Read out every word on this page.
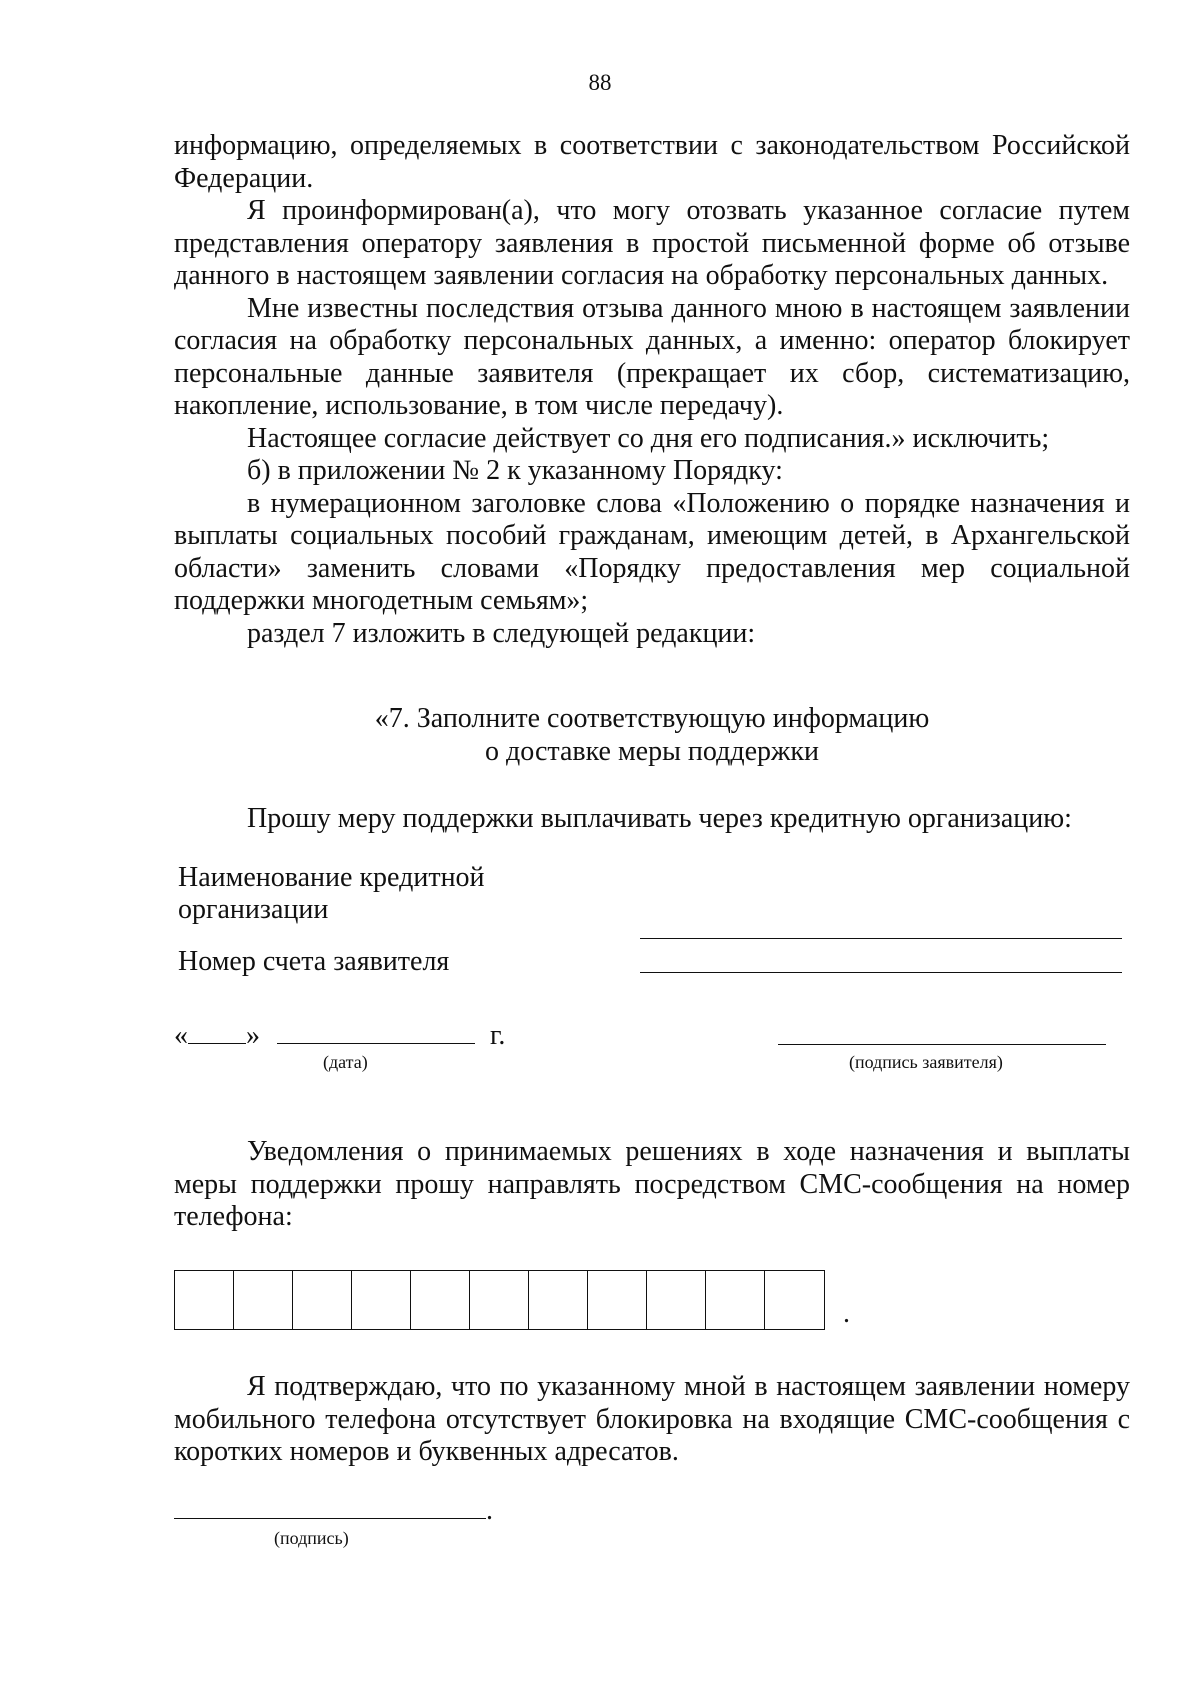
88

информацию, определяемых в соответствии с законодательством Российской Федерации.

Я проинформирован(а), что могу отозвать указанное согласие путем представления оператору заявления в простой письменной форме об отзыве данного в настоящем заявлении согласия на обработку персональных данных.

Мне известны последствия отзыва данного мною в настоящем заявлении согласия на обработку персональных данных, а именно: оператор блокирует персональные данные заявителя (прекращает их сбор, систематизацию, накопление, использование, в том числе передачу).

Настоящее согласие действует со дня его подписания.» исключить;

б) в приложении № 2 к указанному Порядку:

в нумерационном заголовке слова «Положению о порядке назначения и выплаты социальных пособий гражданам, имеющим детей, в Архангельской области» заменить словами «Порядку предоставления мер социальной поддержки многодетным семьям»;

раздел 7 изложить в следующей редакции:

«7. Заполните соответствующую информацию

о доставке меры поддержки

Прошу меру поддержки выплачивать через кредитную организацию:
Наименование кредитной
организации
Номер счета заявителя
« »	г.
(дата)	(подпись заявителя)

Уведомления о принимаемых решениях в ходе назначения и выплаты меры поддержки прошу направлять посредством СМС-сообщения на номер телефона:

.

Я подтверждаю, что по указанному мной в настоящем заявлении номеру мобильного телефона отсутствует блокировка на входящие СМС-сообщения с коротких номеров и буквенных адресатов.

.
(подпись)
